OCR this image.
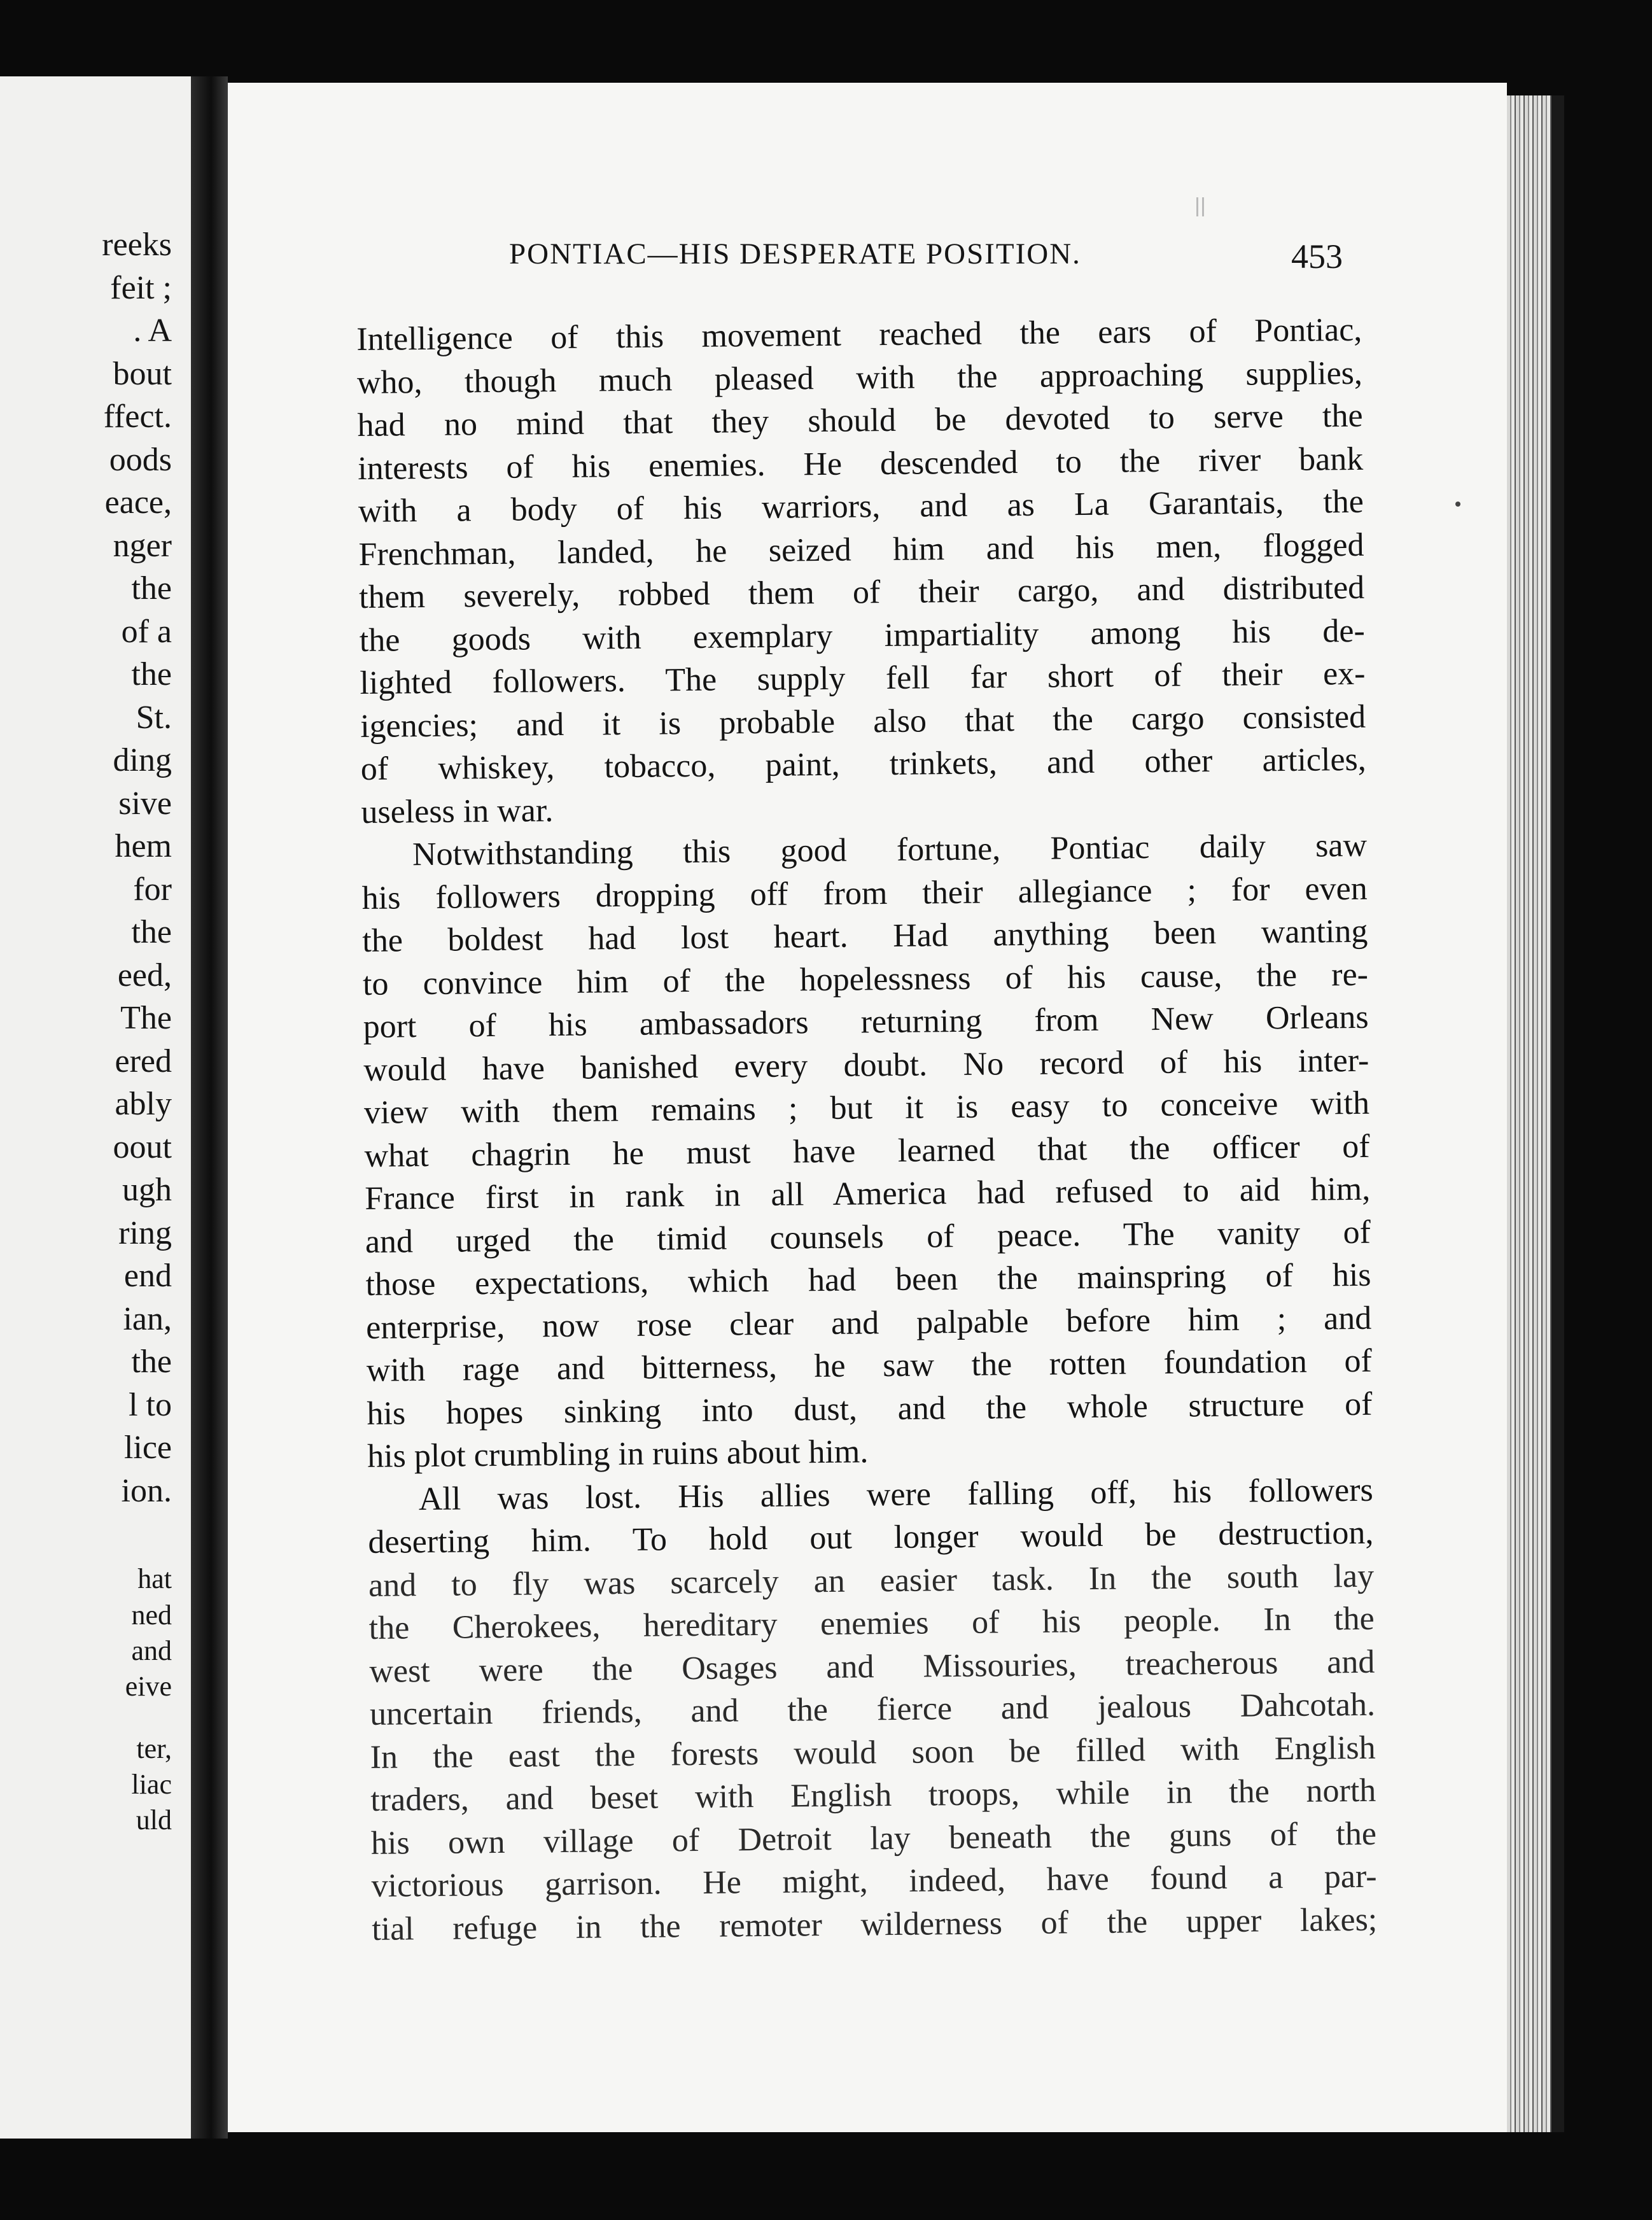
reeks
feit ;
. A
bout
ffect.
oods
eace,
nger
the
of a
the
St.
ding
sive
hem
for
the
eed,
The
ered
ably
oout
ugh
ring
end
ian,
the
l to
lice
ion.
hat
ned
and
eive
ter,
liac
uld
PONTIAC—HIS DESPERATE POSITION.	453
Intelligence of this movement reached the ears of Pontiac,
who, though much pleased with the approaching supplies,
had no mind that they should be devoted to serve the
interests of his enemies. He descended to the river bank
with a body of his warriors, and as La Garantais, the
Frenchman, landed, he seized him and his men, flogged
them severely, robbed them of their cargo, and distributed
the goods with exemplary impartiality among his de-
lighted followers. The supply fell far short of their ex-
igencies; and it is probable also that the cargo consisted
of whiskey, tobacco, paint, trinkets, and other articles,
useless in war.
Notwithstanding this good fortune, Pontiac daily saw
his followers dropping off from their allegiance ; for even
the boldest had lost heart. Had anything been wanting
to convince him of the hopelessness of his cause, the re-
port of his ambassadors returning from New Orleans
would have banished every doubt. No record of his inter-
view with them remains ; but it is easy to conceive with
what chagrin he must have learned that the officer of
France first in rank in all America had refused to aid him,
and urged the timid counsels of peace. The vanity of
those expectations, which had been the mainspring of his
enterprise, now rose clear and palpable before him ; and
with rage and bitterness, he saw the rotten foundation of
his hopes sinking into dust, and the whole structure of
his plot crumbling in ruins about him.
All was lost. His allies were falling off, his followers
deserting him. To hold out longer would be destruction,
and to fly was scarcely an easier task. In the south lay
the Cherokees, hereditary enemies of his people. In the
west were the Osages and Missouries, treacherous and
uncertain friends, and the fierce and jealous Dahcotah.
In the east the forests would soon be filled with English
traders, and beset with English troops, while in the north
his own village of Detroit lay beneath the guns of the
victorious garrison. He might, indeed, have found a par-
tial refuge in the remoter wilderness of the upper lakes;
